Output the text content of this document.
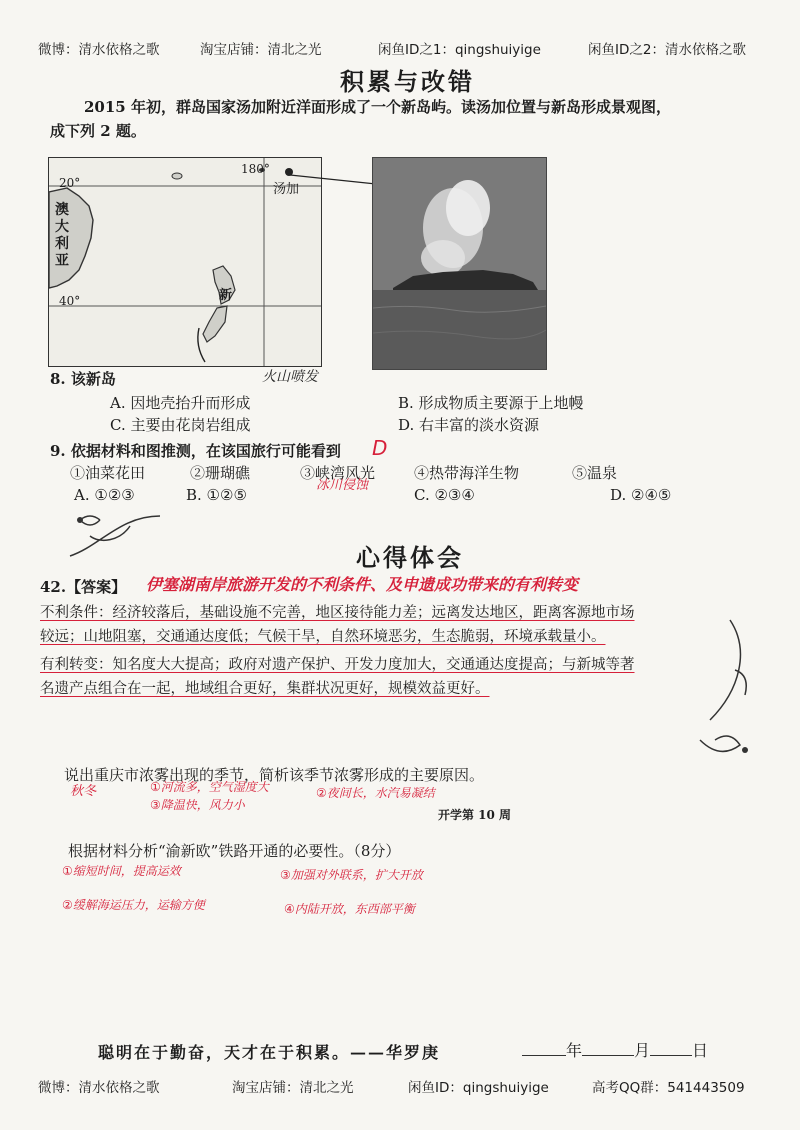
微博：清水依格之歌	淘宝店铺：清北之光	闲鱼ID之1：qingshuiyige	闲鱼ID之2：清水依格之歌
积累与改错
2015 年初，群岛国家汤加附近洋面形成了一个新岛屿。读汤加位置与新岛形成景观图，
成下列 2 题。
20°
40°
180°
汤加
澳大利亚
新
8. 该新岛	火山喷发
A. 因地壳抬升而形成	B. 形成物质主要源于上地幔
C. 主要由花岗岩组成	D. 右丰富的淡水资源
9. 依据材料和图推测，在该国旅行可能看到 D
①油菜花田	②珊瑚礁	③峡湾风光	④热带海洋生物	⑤温泉
冰川侵蚀
A. ①②③	B. ①②⑤	C. ②③④	D. ②④⑤
心得体会
42.【答案】 伊塞湖南岸旅游开发的不利条件、及申遗成功带来的有利转变
不利条件：经济较落后，基础设施不完善，地区接待能力差；远离发达地区，距离客源地市场
较远；山地阻塞，交通通达度低；气候干旱，自然环境恶劣，生态脆弱，环境承载量小。
有利转变：知名度大大提高；政府对遗产保护、开发力度加大，交通通达度提高；与新城等著
名遗产点组合在一起，地域组合更好，集群状况更好，规模效益更好。
说出重庆市浓雾出现的季节，简析该季节浓雾形成的主要原因。
秋冬	①河流多，空气湿度大
③降温快，风力小
②夜间长，水汽易凝结
开学第 10 周
根据材料分析“渝新欧”铁路开通的必要性。（8分）
①缩短时间，提高运效	③加强对外联系，扩大开放
②缓解海运压力，运输方便	④内陆开放，东西部平衡
聪明在于勤奋，天才在于积累。——华罗庚	年	月	日
微博：清水依格之歌	淘宝店铺：清北之光	闲鱼ID：qingshuiyige	高考QQ群：541443509
